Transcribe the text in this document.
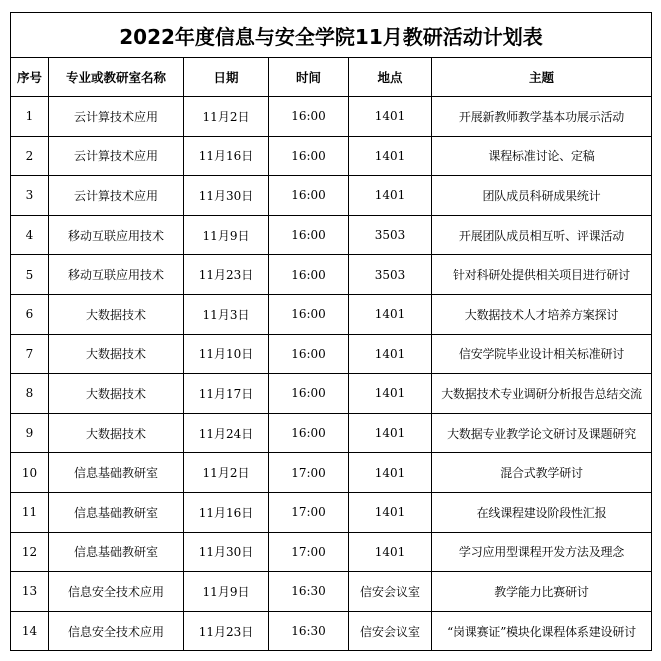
2022年度信息与安全学院11月教研活动计划表					
序号	专业或教研室名称	日期	时间	地点	主题
1	云计算技术应用	11月2日	16:00	1401	开展新教师教学基本功展示活动
2	云计算技术应用	11月16日	16:00	1401	课程标准讨论、定稿
3	云计算技术应用	11月30日	16:00	1401	团队成员科研成果统计
4	移动互联应用技术	11月9日	16:00	3503	开展团队成员相互听、评课活动
5	移动互联应用技术	11月23日	16:00	3503	针对科研处提供相关项目进行研讨
6	大数据技术	11月3日	16:00	1401	大数据技术人才培养方案探讨
7	大数据技术	11月10日	16:00	1401	信安学院毕业设计相关标准研讨
8	大数据技术	11月17日	16:00	1401	大数据技术专业调研分析报告总结交流
9	大数据技术	11月24日	16:00	1401	大数据专业教学论文研讨及课题研究
10	信息基础教研室	11月2日	17:00	1401	混合式教学研讨
11	信息基础教研室	11月16日	17:00	1401	在线课程建设阶段性汇报
12	信息基础教研室	11月30日	17:00	1401	学习应用型课程开发方法及理念
13	信息安全技术应用	11月9日	16:30	信安会议室	教学能力比赛研讨
14	信息安全技术应用	11月23日	16:30	信安会议室	“岗课赛证”模块化课程体系建设研讨
